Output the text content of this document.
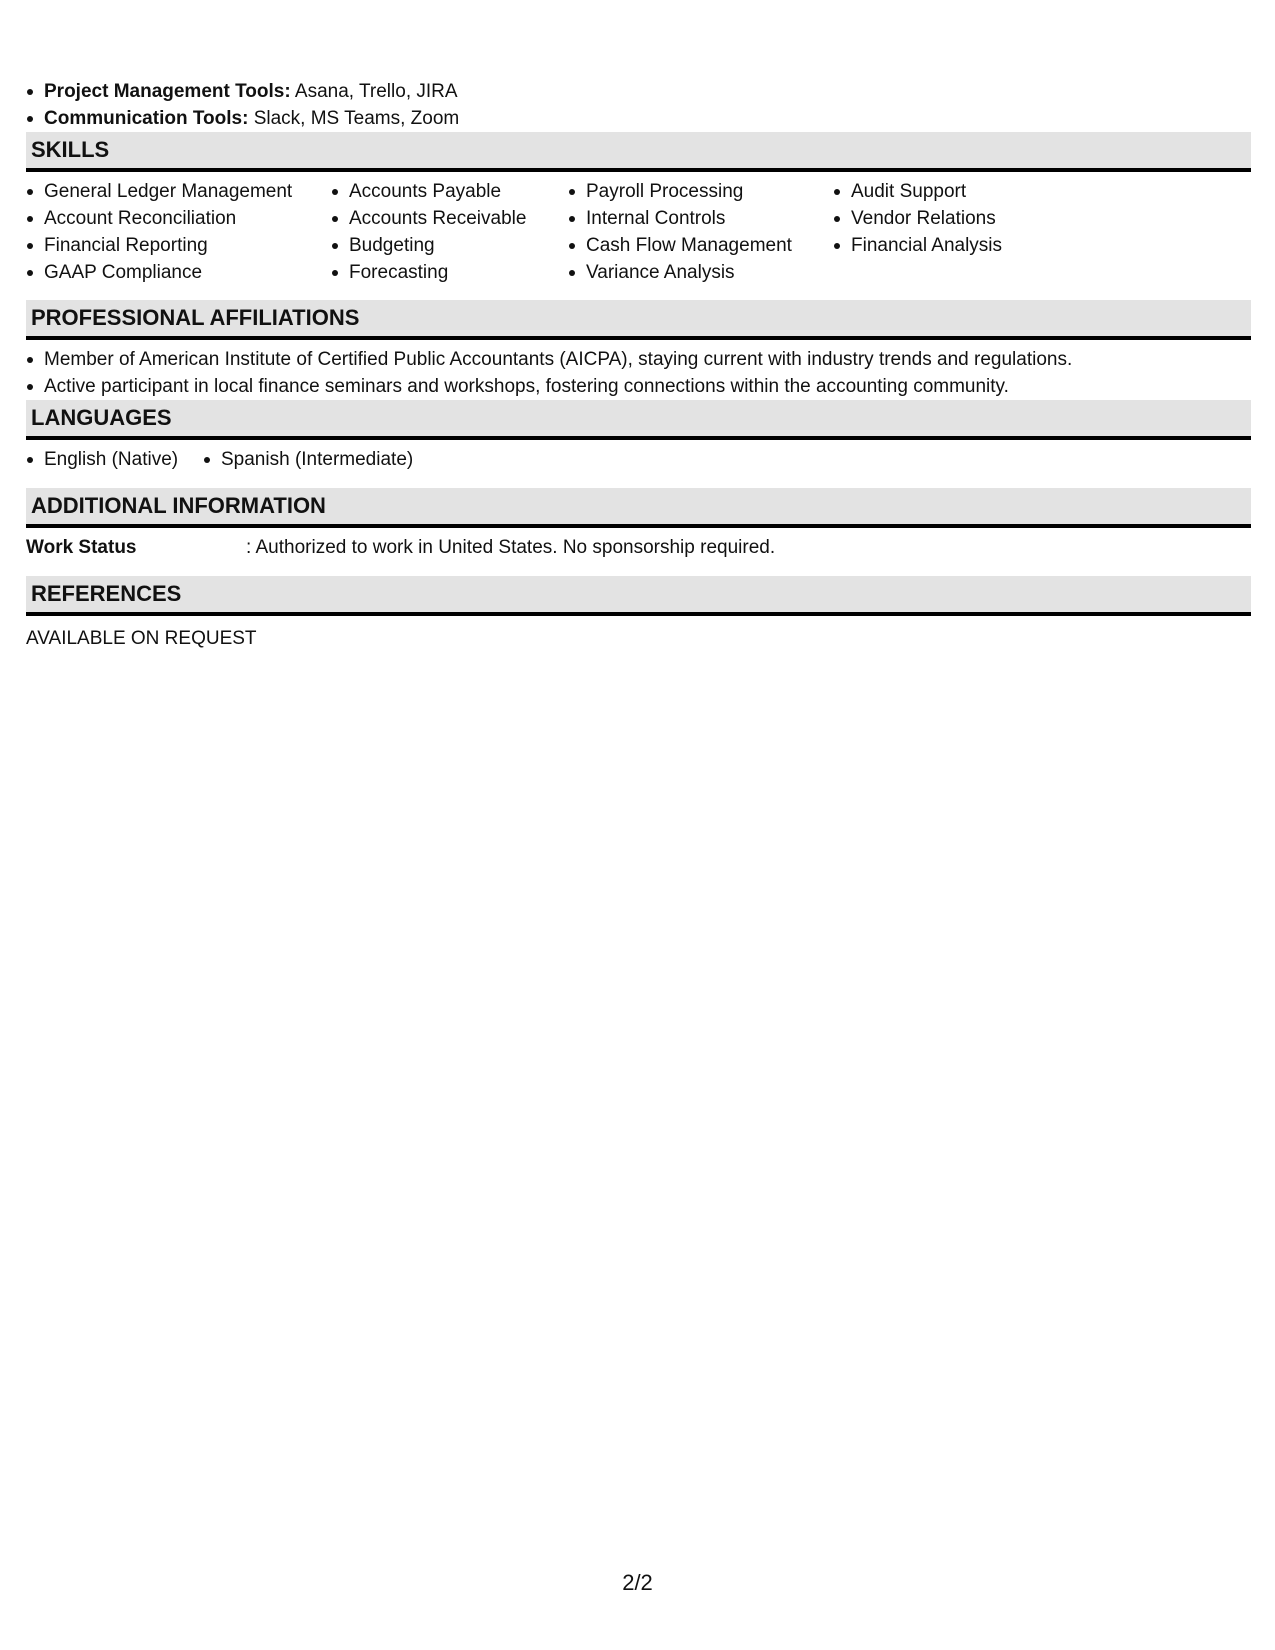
Project Management Tools: Asana, Trello, JIRA
Communication Tools: Slack, MS Teams, Zoom
SKILLS
General Ledger Management
Account Reconciliation
Financial Reporting
GAAP Compliance
Accounts Payable
Accounts Receivable
Budgeting
Forecasting
Payroll Processing
Internal Controls
Cash Flow Management
Variance Analysis
Audit Support
Vendor Relations
Financial Analysis
PROFESSIONAL AFFILIATIONS
Member of American Institute of Certified Public Accountants (AICPA), staying current with industry trends and regulations.
Active participant in local finance seminars and workshops, fostering connections within the accounting community.
LANGUAGES
English (Native)	Spanish (Intermediate)
ADDITIONAL INFORMATION
Work Status	: Authorized to work in United States. No sponsorship required.
REFERENCES
AVAILABLE ON REQUEST
2/2
